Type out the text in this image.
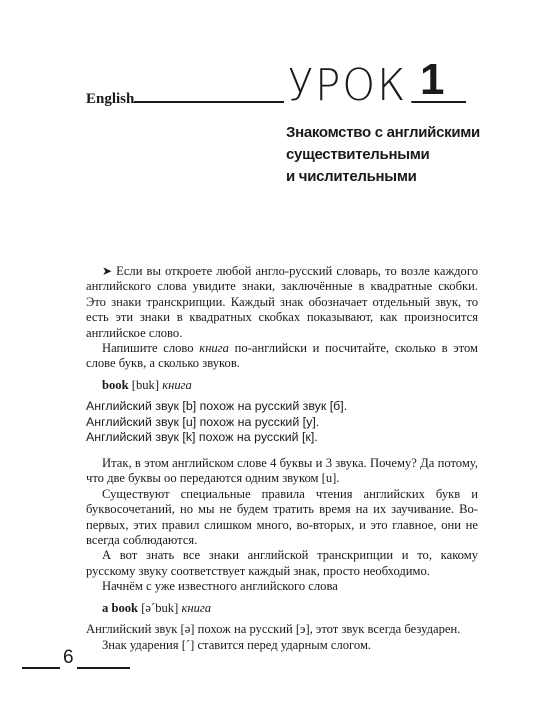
English	УРОК 1
Знакомство с английскими
существительными
и числительными

➤ Если вы откроете любой англо-русский словарь, то возле каждого английского слова увидите знаки, заключённые в квадратные скобки. Это знаки транскрипции. Каждый знак обозначает отдельный звук, то есть эти знаки в квадратных скобках показывают, как произносится английское слово.

Напишите слово книга по-английски и посчитайте, сколько в этом слове букв, а сколько звуков.

book [buk] книга
Английский звук [b] похож на русский звук [б].
Английский звук [u] похож на русский [у].
Английский звук [k] похож на русский [к].

Итак, в этом английском слове 4 буквы и 3 звука. Почему? Да потому, что две буквы oo передаются одним звуком [u].

Существуют специальные правила чтения английских букв и буквосочетаний, но мы не будем тратить время на их заучивание. Во-первых, этих правил слишком много, во-вторых, и это главное, они не всегда соблюдаются.

А вот знать все знаки английской транскрипции и то, какому русскому звуку соответствует каждый знак, просто необходимо.

Начнём с уже известного английского слова

a book [ə´buk] книга

Английский звук [ə] похож на русский [э], этот звук всегда безударен.

Знак ударения [´] ставится перед ударным слогом.

6
